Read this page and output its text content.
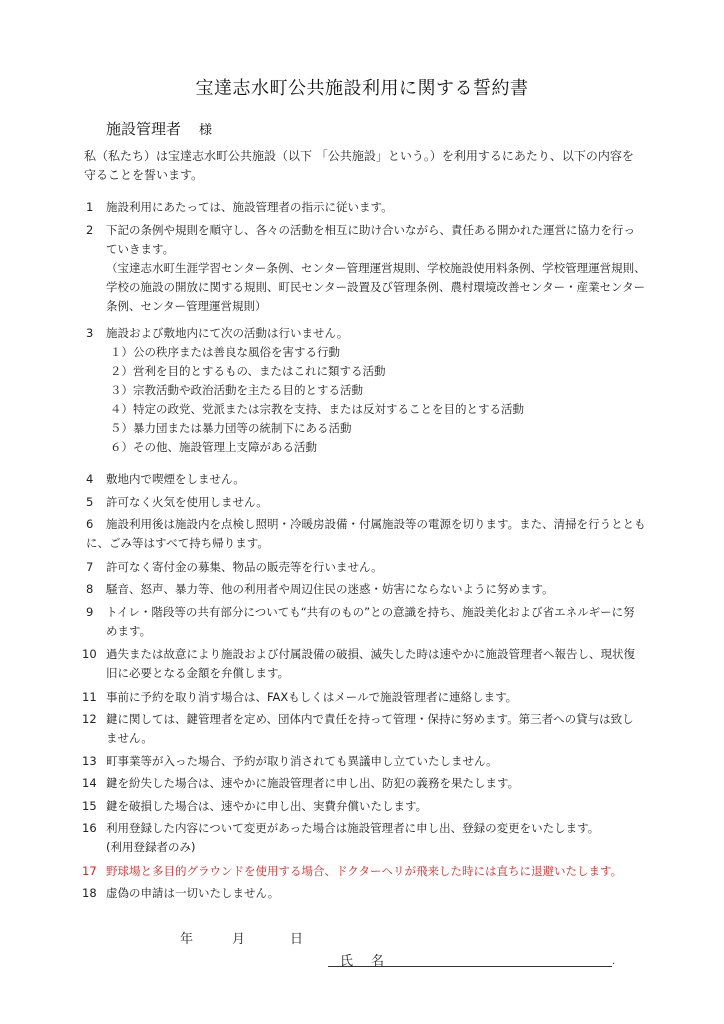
宝達志水町公共施設利用に関する誓約書
施設管理者 様
私（私たち）は宝達志水町公共施設（以下 「公共施設」という。）を利用するにあたり、以下の内容を守ることを誓います。
1	施設利用にあたっては、施設管理者の指示に従います。
2	下記の条例や規則を順守し、各々の活動を相互に助け合いながら、責任ある開かれた運営に協力を行っていきます。
（宝達志水町生涯学習センター条例、センター管理運営規則、学校施設使用料条例、学校管理運営規則、学校の施設の開放に関する規則、町民センター設置及び管理条例、農村環境改善センター・産業センター条例、センター管理運営規則）
3	施設および敷地内にて次の活動は行いません。
１）公の秩序または善良な風俗を害する行動
２）営利を目的とするもの、またはこれに類する活動
３）宗教活動や政治活動を主たる目的とする活動
４）特定の政党、党派または宗教を支持、または反対することを目的とする活動
５）暴力団または暴力団等の統制下にある活動
６）その他、施設管理上支障がある活動
4	敷地内で喫煙をしません。
5	許可なく火気を使用しません。
6	施設利用後は施設内を点検し照明・冷暖房設備・付属施設等の電源を切ります。また、清掃を行うとともに、ごみ等はすべて持ち帰ります。
7	許可なく寄付金の募集、物品の販売等を行いません。
8	騒音、怒声、暴力等、他の利用者や周辺住民の迷惑・妨害にならないように努めます。
9	トイレ・階段等の共有部分についても“共有のもの”との意識を持ち、施設美化および省エネルギーに努めます。
10 過失または故意により施設および付属設備の破損、滅失した時は速やかに施設管理者へ報告し、現状復旧に必要となる金額を弁償します。
11 事前に予約を取り消す場合は、FAXもしくはメールで施設管理者に連絡します。
12 鍵に関しては、鍵管理者を定め、団体内で責任を持って管理・保持に努めます。第三者への貸与は致しません。
13 町事業等が入った場合、予約が取り消されても異議申し立ていたしません。
14 鍵を紛失した場合は、速やかに施設管理者に申し出、防犯の義務を果たします。
15 鍵を破損した場合は、速やかに申し出、実費弁償いたします。
16 利用登録した内容について変更があった場合は施設管理者に申し出、登録の変更をいたします。
(利用登録者のみ)
17 野球場と多目的グラウンドを使用する場合、ドクターヘリが飛来した時には直ちに退避いたします。
18 虚偽の申請は一切いたしません。
年	月	日
氏名	.
